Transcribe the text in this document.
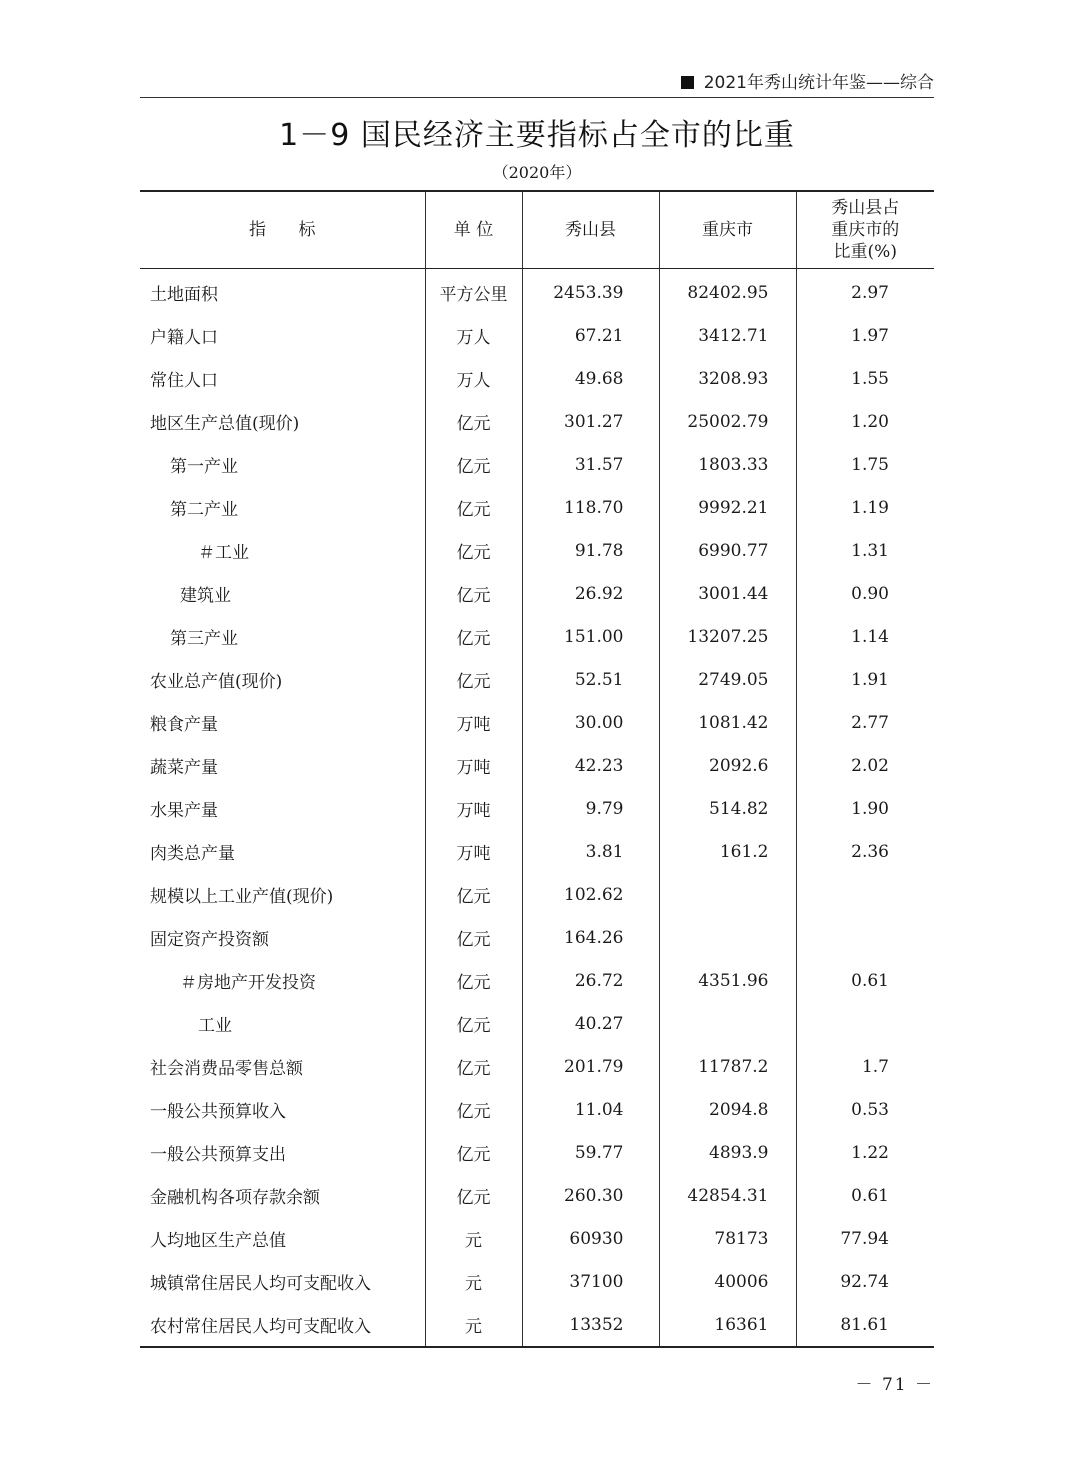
2021年秀山统计年鉴——综合
1－9 国民经济主要指标占全市的比重
（2020年）
指      标	单 位	秀山县	重庆市	秀山县占
重庆市的
比重(%)

土地面积	平方公里	2453.39	82402.95	2.97
户籍人口	万人	67.21	3412.71	1.97
常住人口	万人	49.68	3208.93	1.55
地区生产总值(现价)	亿元	301.27	25002.79	1.20
第一产业	亿元	31.57	1803.33	1.75
第二产业	亿元	118.70	9992.21	1.19
＃工业	亿元	91.78	6990.77	1.31
建筑业	亿元	26.92	3001.44	0.90
第三产业	亿元	151.00	13207.25	1.14
农业总产值(现价)	亿元	52.51	2749.05	1.91
粮食产量	万吨	30.00	1081.42	2.77
蔬菜产量	万吨	42.23	2092.6	2.02
水果产量	万吨	9.79	514.82	1.90
肉类总产量	万吨	3.81	161.2	2.36
规模以上工业产值(现价)	亿元	102.62		
固定资产投资额	亿元	164.26		
＃房地产开发投资	亿元	26.72	4351.96	0.61
工业	亿元	40.27		
社会消费品零售总额	亿元	201.79	11787.2	1.7
一般公共预算收入	亿元	11.04	2094.8	0.53
一般公共预算支出	亿元	59.77	4893.9	1.22
金融机构各项存款余额	亿元	260.30	42854.31	0.61
人均地区生产总值	元	60930	78173	77.94
城镇常住居民人均可支配收入	元	37100	40006	92.74
农村常住居民人均可支配收入	元	13352	16361	81.61
－ 71 －
